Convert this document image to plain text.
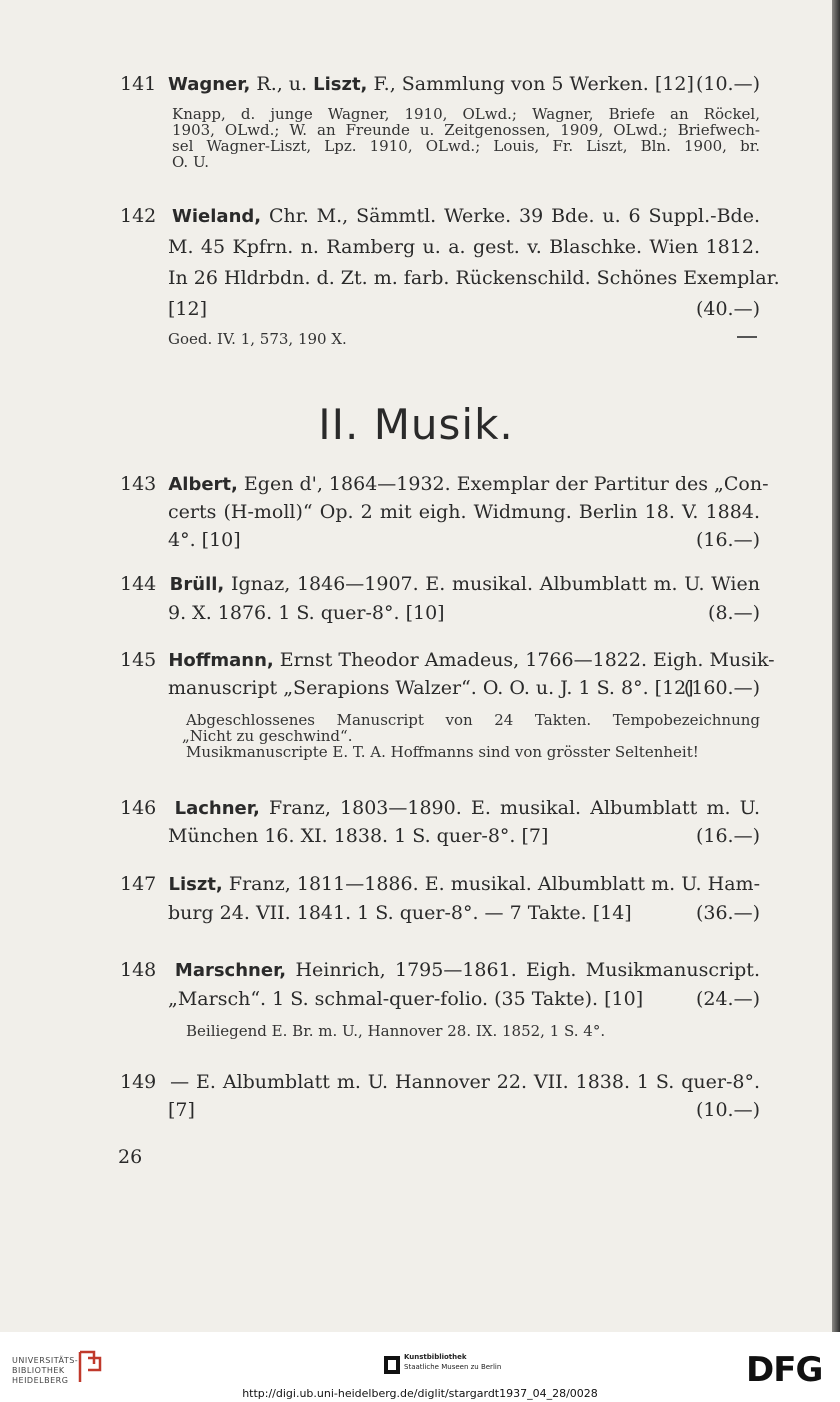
141 Wagner, R., u. Liszt, F., Sammlung von 5 Werken. [12] (10.—)
Knapp, d. junge Wagner, 1910, OLwd.; Wagner, Briefe an Röckel,
1903, OLwd.; W. an Freunde u. Zeitgenossen, 1909, OLwd.; Briefwech-
sel Wagner-Liszt, Lpz. 1910, OLwd.; Louis, Fr. Liszt, Bln. 1900, br.
O. U.
142 Wieland, Chr. M., Sämmtl. Werke. 39 Bde. u. 6 Suppl.-Bde.
M. 45 Kpfrn. n. Ramberg u. a. gest. v. Blaschke. Wien 1812.
In 26 Hldrbdn. d. Zt. m. farb. Rückenschild. Schönes Exemplar.
[12]	(40.—)
Goed. IV. 1, 573, 190 X.
II. Musik.
143 Albert, Egen d', 1864—1932. Exemplar der Partitur des „Con-
certs (H-moll)“ Op. 2 mit eigh. Widmung. Berlin 18. V. 1884.
4°. [10]	(16.—)
144 Brüll, Ignaz, 1846—1907. E. musikal. Albumblatt m. U. Wien
9. X. 1876. 1 S. quer-8°. [10]	(8.—)
145 Hoffmann, Ernst Theodor Amadeus, 1766—1822. Eigh. Musik-
manuscript „Serapions Walzer“. O. O. u. J. 1 S. 8°. [12]
(160.—)
Abgeschlossenes Manuscript von 24 Takten. Tempobezeichnung
„Nicht zu geschwind“.
Musikmanuscripte E. T. A. Hoffmanns sind von grösster Seltenheit!
146 Lachner, Franz, 1803—1890. E. musikal. Albumblatt m. U.
München 16. XI. 1838. 1 S. quer-8°. [7]	(16.—)
147 Liszt, Franz, 1811—1886. E. musikal. Albumblatt m. U. Ham-
burg 24. VII. 1841. 1 S. quer-8°. — 7 Takte. [14]	(36.—)
148 Marschner, Heinrich, 1795—1861. Eigh. Musikmanuscript.
„Marsch“. 1 S. schmal-quer-folio. (35 Takte). [10]	(24.—)
Beiliegend E. Br. m. U., Hannover 28. IX. 1852, 1 S. 4°.
149 — E. Albumblatt m. U. Hannover 22. VII. 1838. 1 S. quer-8°.
[7]	(10.—)
26
UNIVERSITÄTS-
BIBLIOTHEK
HEIDELBERG
Kunstbibliothek
Staatliche Museen zu Berlin	DFG
http://digi.ub.uni-heidelberg.de/diglit/stargardt1937_04_28/0028
